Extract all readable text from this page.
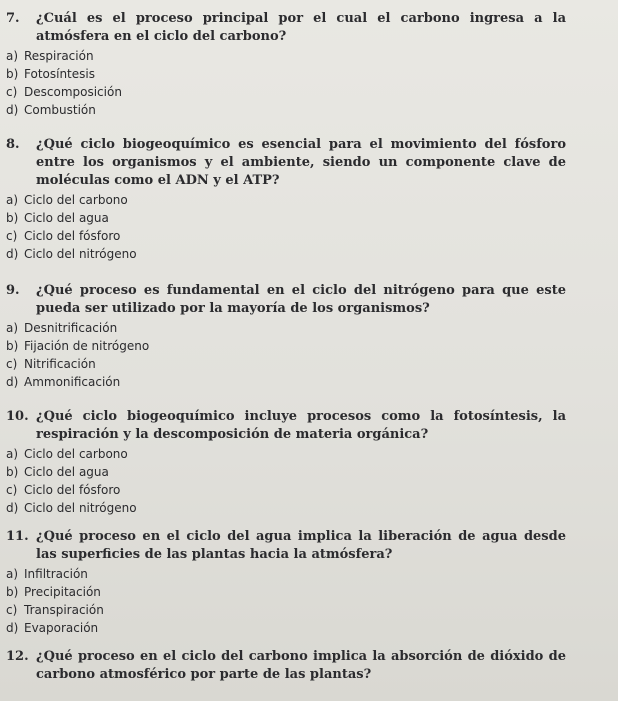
7.	¿Cuál es el proceso principal por el cual el carbono ingresa a la atmósfera en el ciclo del carbono?
a) Respiración
b) Fotosíntesis
c) Descomposición
d) Combustión
8.	¿Qué ciclo biogeoquímico es esencial para el movimiento del fósforo entre los organismos y el ambiente, siendo un componente clave de moléculas como el ADN y el ATP?
a) Ciclo del carbono
b) Ciclo del agua
c) Ciclo del fósforo
d) Ciclo del nitrógeno
9.	¿Qué proceso es fundamental en el ciclo del nitrógeno para que este pueda ser utilizado por la mayoría de los organismos?
a) Desnitrificación
b) Fijación de nitrógeno
c) Nitrificación
d) Ammonificación
10. ¿Qué ciclo biogeoquímico incluye procesos como la fotosíntesis, la respiración y la descomposición de materia orgánica?
a) Ciclo del carbono
b) Ciclo del agua
c) Ciclo del fósforo
d) Ciclo del nitrógeno
11. ¿Qué proceso en el ciclo del agua implica la liberación de agua desde las superficies de las plantas hacia la atmósfera?
a) Infiltración
b) Precipitación
c) Transpiración
d) Evaporación
12. ¿Qué proceso en el ciclo del carbono implica la absorción de dióxido de carbono atmosférico por parte de las plantas?
